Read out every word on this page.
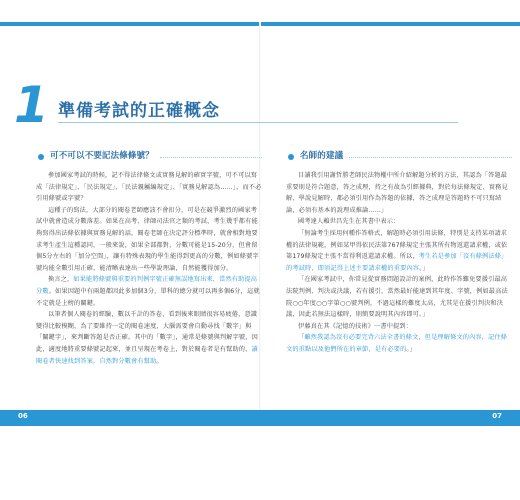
1 準備考試的正確概念
可不可以不要記法條條號？

參加國家考試的時候，記不得法律條文或實務見解的確實字號，可不可以寫成「法律規定」、「民法規定」、「民法親屬編規定」、「實務見解認為……」，而不必引用條號或字號？

這種子的寫法，大部分的閱卷老師應該不會扣分，可是在競爭激烈的國家考試中就會造成分數落差。如果在高考、律師司法官之類的考試，考生幾乎都有能夠寫得出法條依據與實務見解的話，閱卷老師在決定評分標準時，就會相對地要求考生產生這種認同，一般來說，如果全部都對，分數可能是15-20分，但會留個5分左右的「加分空間」，讓有特殊表現的學生能得到更高的分數，例如條號字號均能全數引用正確，能清晰表達出一些學說理論，自然能獲得加分。

換言之，如果能將條號與重要的判例字號正確無誤地寫出來，當然有助提高分數。如果因題中有兩題都因此多加個3分，單科的總分就可以再多個6分，這就不定就是上榜的關鍵。

以筆者個人閱卷的經驗，數以千計的答卷，看到後來眼睛很容易疲倦、意識變得比較模糊，為了要維持一定的閱卷速度，大腦需要會自動尋找「數字」與「關鍵字」，來判斷答題是否正確。其中的「數字」，通常是條號與判解字號，因此，適度地將重要條號記起來，並且呈現在考卷上，對於閱卷者是有幫助的，讀閱卷者快速找到答案，自然對分數會有幫助。

名師的建議

目讀我引用謝哲勝老師民法物權中所介紹解題分析的方法，其認為「答題最重要則是符合題意，答之成理，持之有故為引經據典，對於每法條規定、實務見解、學說見解時，都必須引用作為答題的依據，答之成理是答題時不可只寫結論，必須有基本的說理成推論……」

國考達人賴世昌先生在其書中表示：

「無論考生採用何種作答格式，解題時必須引用法條，特別是支持某項請求權的法律規範，例如某甲得依民法第767條規定主張其所有物返還請求權，或依第179條規定主張不當得利返還請求權。所以，考生若是參加「沒有條例法條」的考試時，即須記得上述主要請求權的重要內容。」

「在國家考試中，你常見從實務問題設計的案例，此時作答難免要援引最高法院判例、判決或決議，若有援引，當然最好能達到其年度、字號，例如最高法院○○年度○○字第○○號判例，不過這樣的難度太高，尤其是在援引判決和決議，因此若無法這樣時，則簡要說明其內容即可。」

伊藤真在其《記憶的技術》一書中提到：

「雖然我認為沒有必要完背六法全書的條文，但是理解條文的內容，記住條文的重點以及他們所在的章節，是有必要的。」

06	07
